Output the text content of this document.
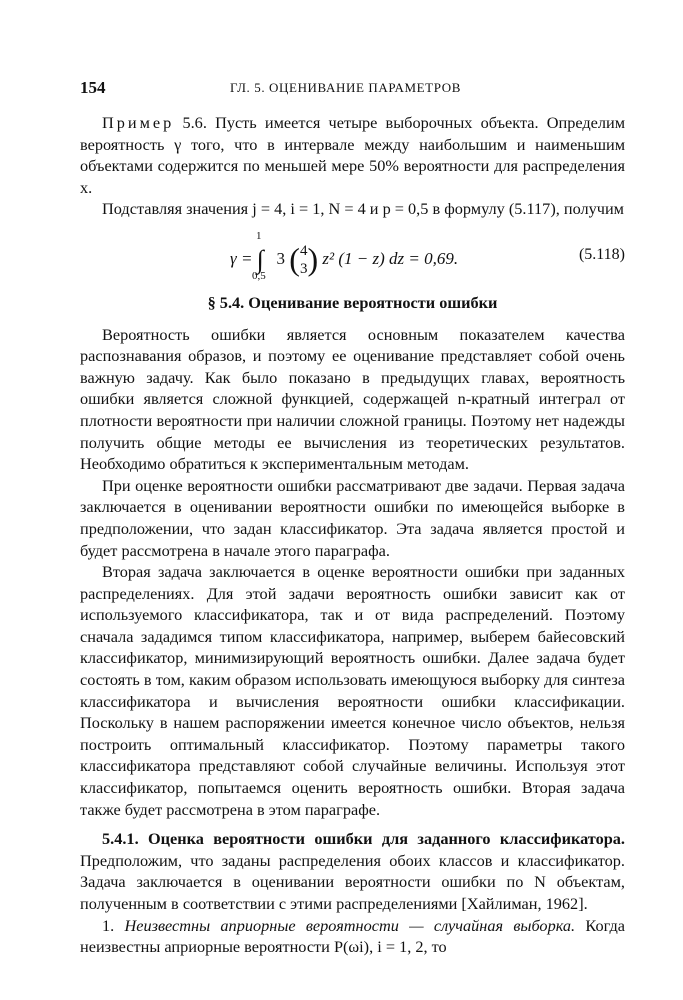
154	ГЛ. 5. ОЦЕНИВАНИЕ ПАРАМЕТРОВ

Пример 5.6. Пусть имеется четыре выборочных объекта. Определим вероятность γ того, что в интервале между наибольшим и наименьшим объектами содержится по меньшей мере 50% вероятности для распределения x.

Подставляя значения j = 4, i = 1, N = 4 и p = 0,5 в формулу (5.117), получим

1
0,5
γ = ∫ 3 (4
3) z² (1 − z) dz = 0,69.	(5.118)
§ 5.4. Оценивание вероятности ошибки

Вероятность ошибки является основным показателем качества распознавания образов, и поэтому ее оценивание представляет собой очень важную задачу. Как было показано в предыдущих главах, вероятность ошибки является сложной функцией, содержащей n-кратный интеграл от плотности вероятности при наличии сложной границы. Поэтому нет надежды получить общие методы ее вычисления из теоретических результатов. Необходимо обратиться к экспериментальным методам.

При оценке вероятности ошибки рассматривают две задачи. Первая задача заключается в оценивании вероятности ошибки по имеющейся выборке в предположении, что задан классификатор. Эта задача является простой и будет рассмотрена в начале этого параграфа.

Вторая задача заключается в оценке вероятности ошибки при заданных распределениях. Для этой задачи вероятность ошибки зависит как от используемого классификатора, так и от вида распределений. Поэтому сначала зададимся типом классификатора, например, выберем байесовский классификатор, минимизирующий вероятность ошибки. Далее задача будет состоять в том, каким образом использовать имеющуюся выборку для синтеза классификатора и вычисления вероятности ошибки классификации. Поскольку в нашем распоряжении имеется конечное число объектов, нельзя построить оптимальный классификатор. Поэтому параметры такого классификатора представляют собой случайные величины. Используя этот классификатор, попытаемся оценить вероятность ошибки. Вторая задача также будет рассмотрена в этом параграфе.

5.4.1. Оценка вероятности ошибки для заданного классификатора. Предположим, что заданы распределения обоих классов и классификатор. Задача заключается в оценивании вероятности ошибки по N объектам, полученным в соответствии с этими распределениями [Хайлиман, 1962].

1. Неизвестны априорные вероятности — случайная выборка. Когда неизвестны априорные вероятности P(ωi), i = 1, 2, то
